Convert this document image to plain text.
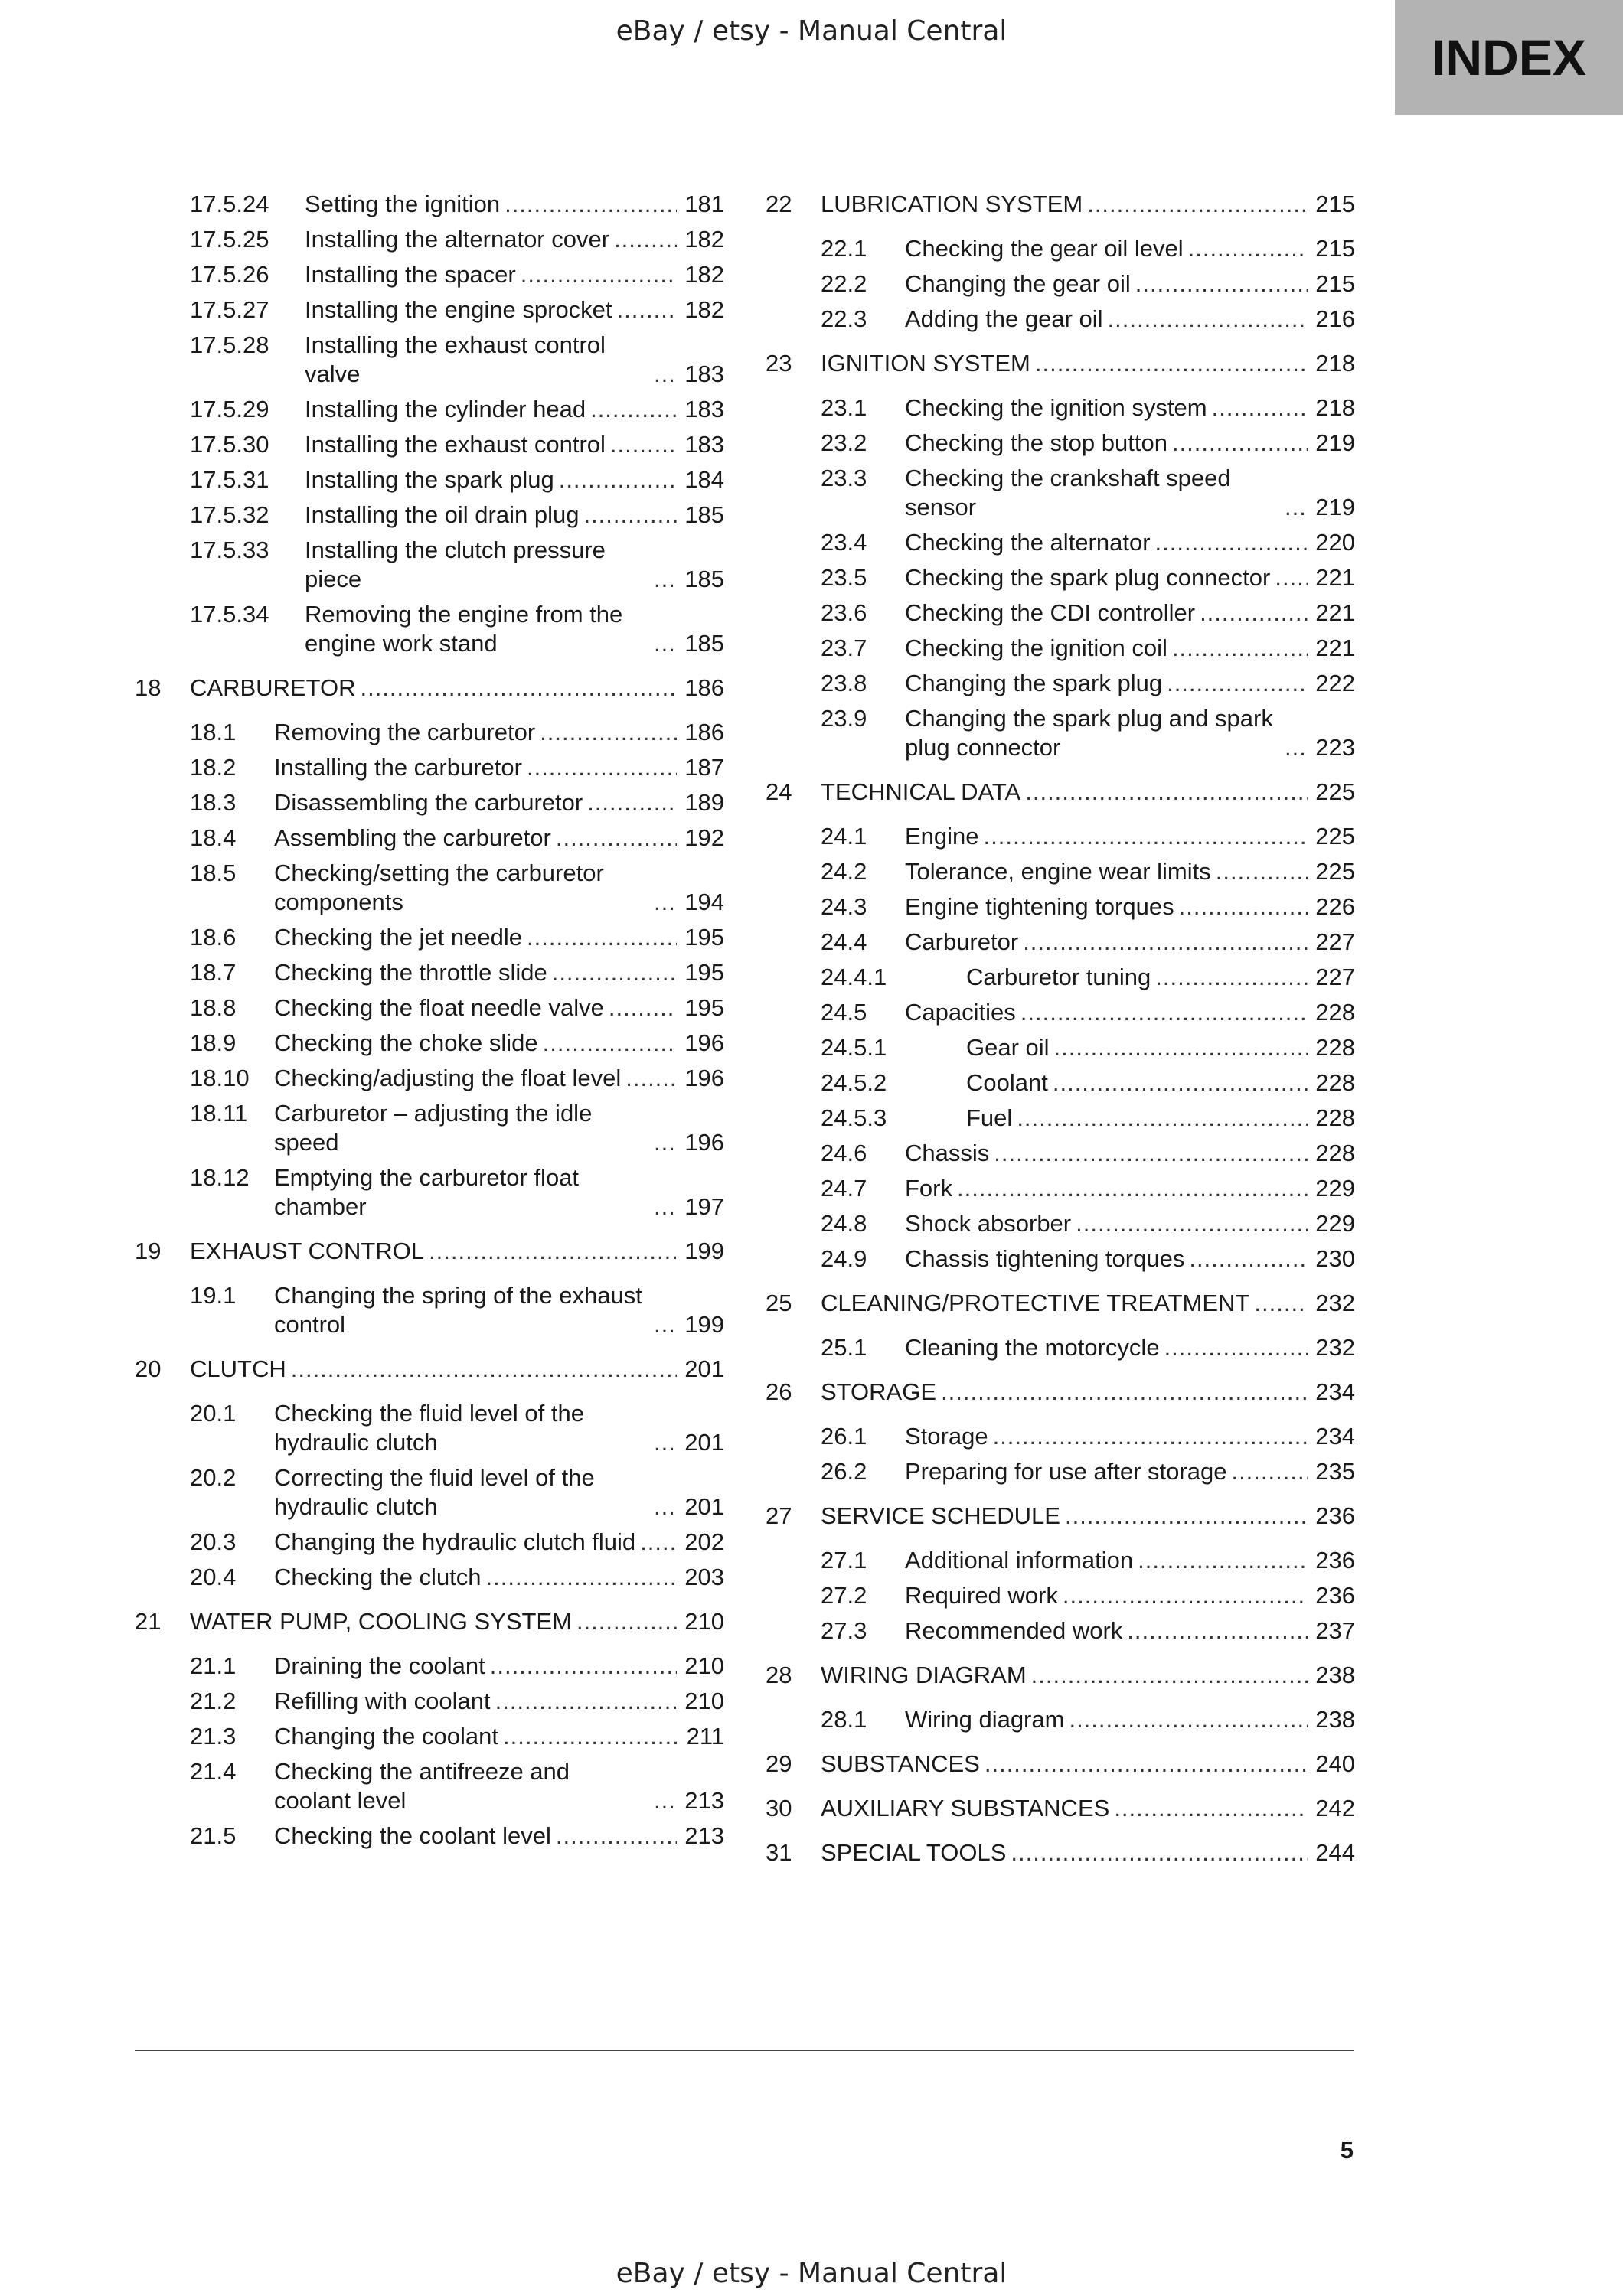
eBay / etsy - Manual Central	INDEX
17.5.24	Setting the ignition .....	181
17.5.25	Installing the alternator cover .....	182
17.5.26	Installing the spacer .....	182
17.5.27	Installing the engine sprocket .....	182
17.5.28	Installing the exhaust control valve .....	183
17.5.29	Installing the cylinder head .....	183
17.5.30	Installing the exhaust control .....	183
17.5.31	Installing the spark plug .....	184
17.5.32	Installing the oil drain plug .....	185
17.5.33	Installing the clutch pressure piece .....	185
17.5.34	Removing the engine from the engine work stand .....	185
18	CARBURETOR .....	186
18.1	Removing the carburetor .....	186
18.2	Installing the carburetor .....	187
18.3	Disassembling the carburetor .....	189
18.4	Assembling the carburetor .....	192
18.5	Checking/setting the carburetor components .....	194
18.6	Checking the jet needle .....	195
18.7	Checking the throttle slide .....	195
18.8	Checking the float needle valve .....	195
18.9	Checking the choke slide .....	196
18.10	Checking/adjusting the float level .....	196
18.11	Carburetor – adjusting the idle speed .....	196
18.12	Emptying the carburetor float chamber .....	197
19	EXHAUST CONTROL .....	199
19.1	Changing the spring of the exhaust control .....	199
20	CLUTCH .....	201
20.1	Checking the fluid level of the hydraulic clutch .....	201
20.2	Correcting the fluid level of the hydraulic clutch .....	201
20.3	Changing the hydraulic clutch fluid ..... 202
20.4	Checking the clutch .....	203
21	WATER PUMP, COOLING SYSTEM .....	210
21.1	Draining the coolant .....	210
21.2	Refilling with coolant .....	210
21.3	Changing the coolant .....	211
21.4	Checking the antifreeze and coolant level .....	213
21.5	Checking the coolant level .....	213
22	LUBRICATION SYSTEM .....	215
22.1	Checking the gear oil level .....	215
22.2	Changing the gear oil .....	215
22.3	Adding the gear oil .....	216
23	IGNITION SYSTEM .....	218
23.1	Checking the ignition system .....	218
23.2	Checking the stop button .....	219
23.3	Checking the crankshaft speed sensor .....	219
23.4	Checking the alternator .....	220
23.5	Checking the spark plug connector ..... 221
23.6	Checking the CDI controller .....	221
23.7	Checking the ignition coil .....	221
23.8	Changing the spark plug .....	222
23.9	Changing the spark plug and spark plug connector .....	223
24	TECHNICAL DATA .....	225
24.1	Engine .....	225
24.2	Tolerance, engine wear limits .....	225
24.3	Engine tightening torques .....	226
24.4	Carburetor .....	227
24.4.1	Carburetor tuning .....	227
24.5	Capacities .....	228
24.5.1	Gear oil .....	228
24.5.2	Coolant .....	228
24.5.3	Fuel .....	228
24.6	Chassis .....	228
24.7	Fork .....	229
24.8	Shock absorber .....	229
24.9	Chassis tightening torques .....	230
25	CLEANING/PROTECTIVE TREATMENT .....	232
25.1	Cleaning the motorcycle .....	232
26	STORAGE .....	234
26.1	Storage .....	234
26.2	Preparing for use after storage .....	235
27	SERVICE SCHEDULE .....	236
27.1	Additional information .....	236
27.2	Required work .....	236
27.3	Recommended work .....	237
28	WIRING DIAGRAM .....	238
28.1	Wiring diagram .....	238
29	SUBSTANCES .....	240
30	AUXILIARY SUBSTANCES .....	242
31	SPECIAL TOOLS .....	244
5
eBay / etsy - Manual Central
